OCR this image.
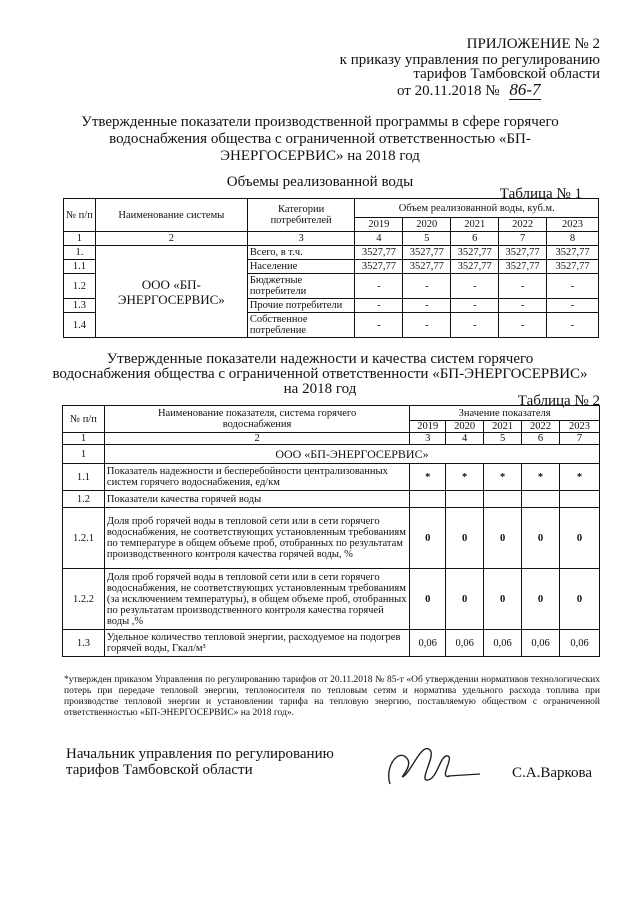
ПРИЛОЖЕНИЕ № 2
к приказу управления по регулированию
тарифов Тамбовской области
от 20.11.2018 № 86-7
Утвержденные показатели производственной программы в сфере горячего
водоснабжения общества с ограниченной ответственностью «БП-
ЭНЕРГОСЕРВИС» на 2018 год
Объемы реализованной воды
Таблица № 1
№ п/п	Наименование системы	Категории потребителей	Объем реализованной воды, куб.м.				
			2019	2020	2021	2022	2023
1	2	3	4	5	6	7	8
1.	ООО «БП-ЭНЕРГОСЕРВИС»	Всего, в т.ч.	3527,77	3527,77	3527,77	3527,77	3527,77
1.1		Население	3527,77	3527,77	3527,77	3527,77	3527,77
1.2		Бюджетные потребители	-	-	-	-	-
1.3		Прочие потребители	-	-	-	-	-
1.4		Собственное потребление	-	-	-	-	-
Утвержденные показатели надежности и качества систем горячего
водоснабжения общества с ограниченной ответственности «БП-ЭНЕРГОСЕРВИС»
на 2018 год
Таблица № 2
№ п/п	Наименование показателя, система горячего водоснабжения	Значение показателя				
		2019	2020	2021	2022	2023
1	2	3	4	5	6	7
1	ООО «БП-ЭНЕРГОСЕРВИС»					
1.1	Показатель надежности и бесперебойности централизованных систем горячего водоснабжения, ед/км	*	*	*	*	*
1.2	Показатели качества горячей воды					
1.2.1	Доля проб горячей воды в тепловой сети или в сети горячего водоснабжения, не соответствующих установленным требованиям по температуре в общем объеме проб, отобранных по результатам производственного контроля качества горячей воды, %	0	0	0	0	0
1.2.2	Доля проб горячей воды в тепловой сети или в сети горячего водоснабжения, не соответствующих установленным требованиям (за исключением температуры), в общем объеме проб, отобранных по результатам производственного контроля качества горячей воды ,%	0	0	0	0	0
1.3	Удельное количество тепловой энергии, расходуемое на подогрев горячей воды, Гкал/м³	0,06	0,06	0,06	0,06	0,06
*утвержден приказом Управления по регулированию тарифов от 20.11.2018 № 85-т «Об утверждении нормативов технологических потерь при передаче тепловой энергии, теплоносителя по тепловым сетям и норматива удельного расхода топлива при производстве тепловой энергии и установлении тарифа на тепловую энергию, поставляемую обществом с ограниченной ответственностью «БП-ЭНЕРГОСЕРВИС» на 2018 год».
Начальник управления по регулированию
тарифов Тамбовской области	С.А.Варкова
